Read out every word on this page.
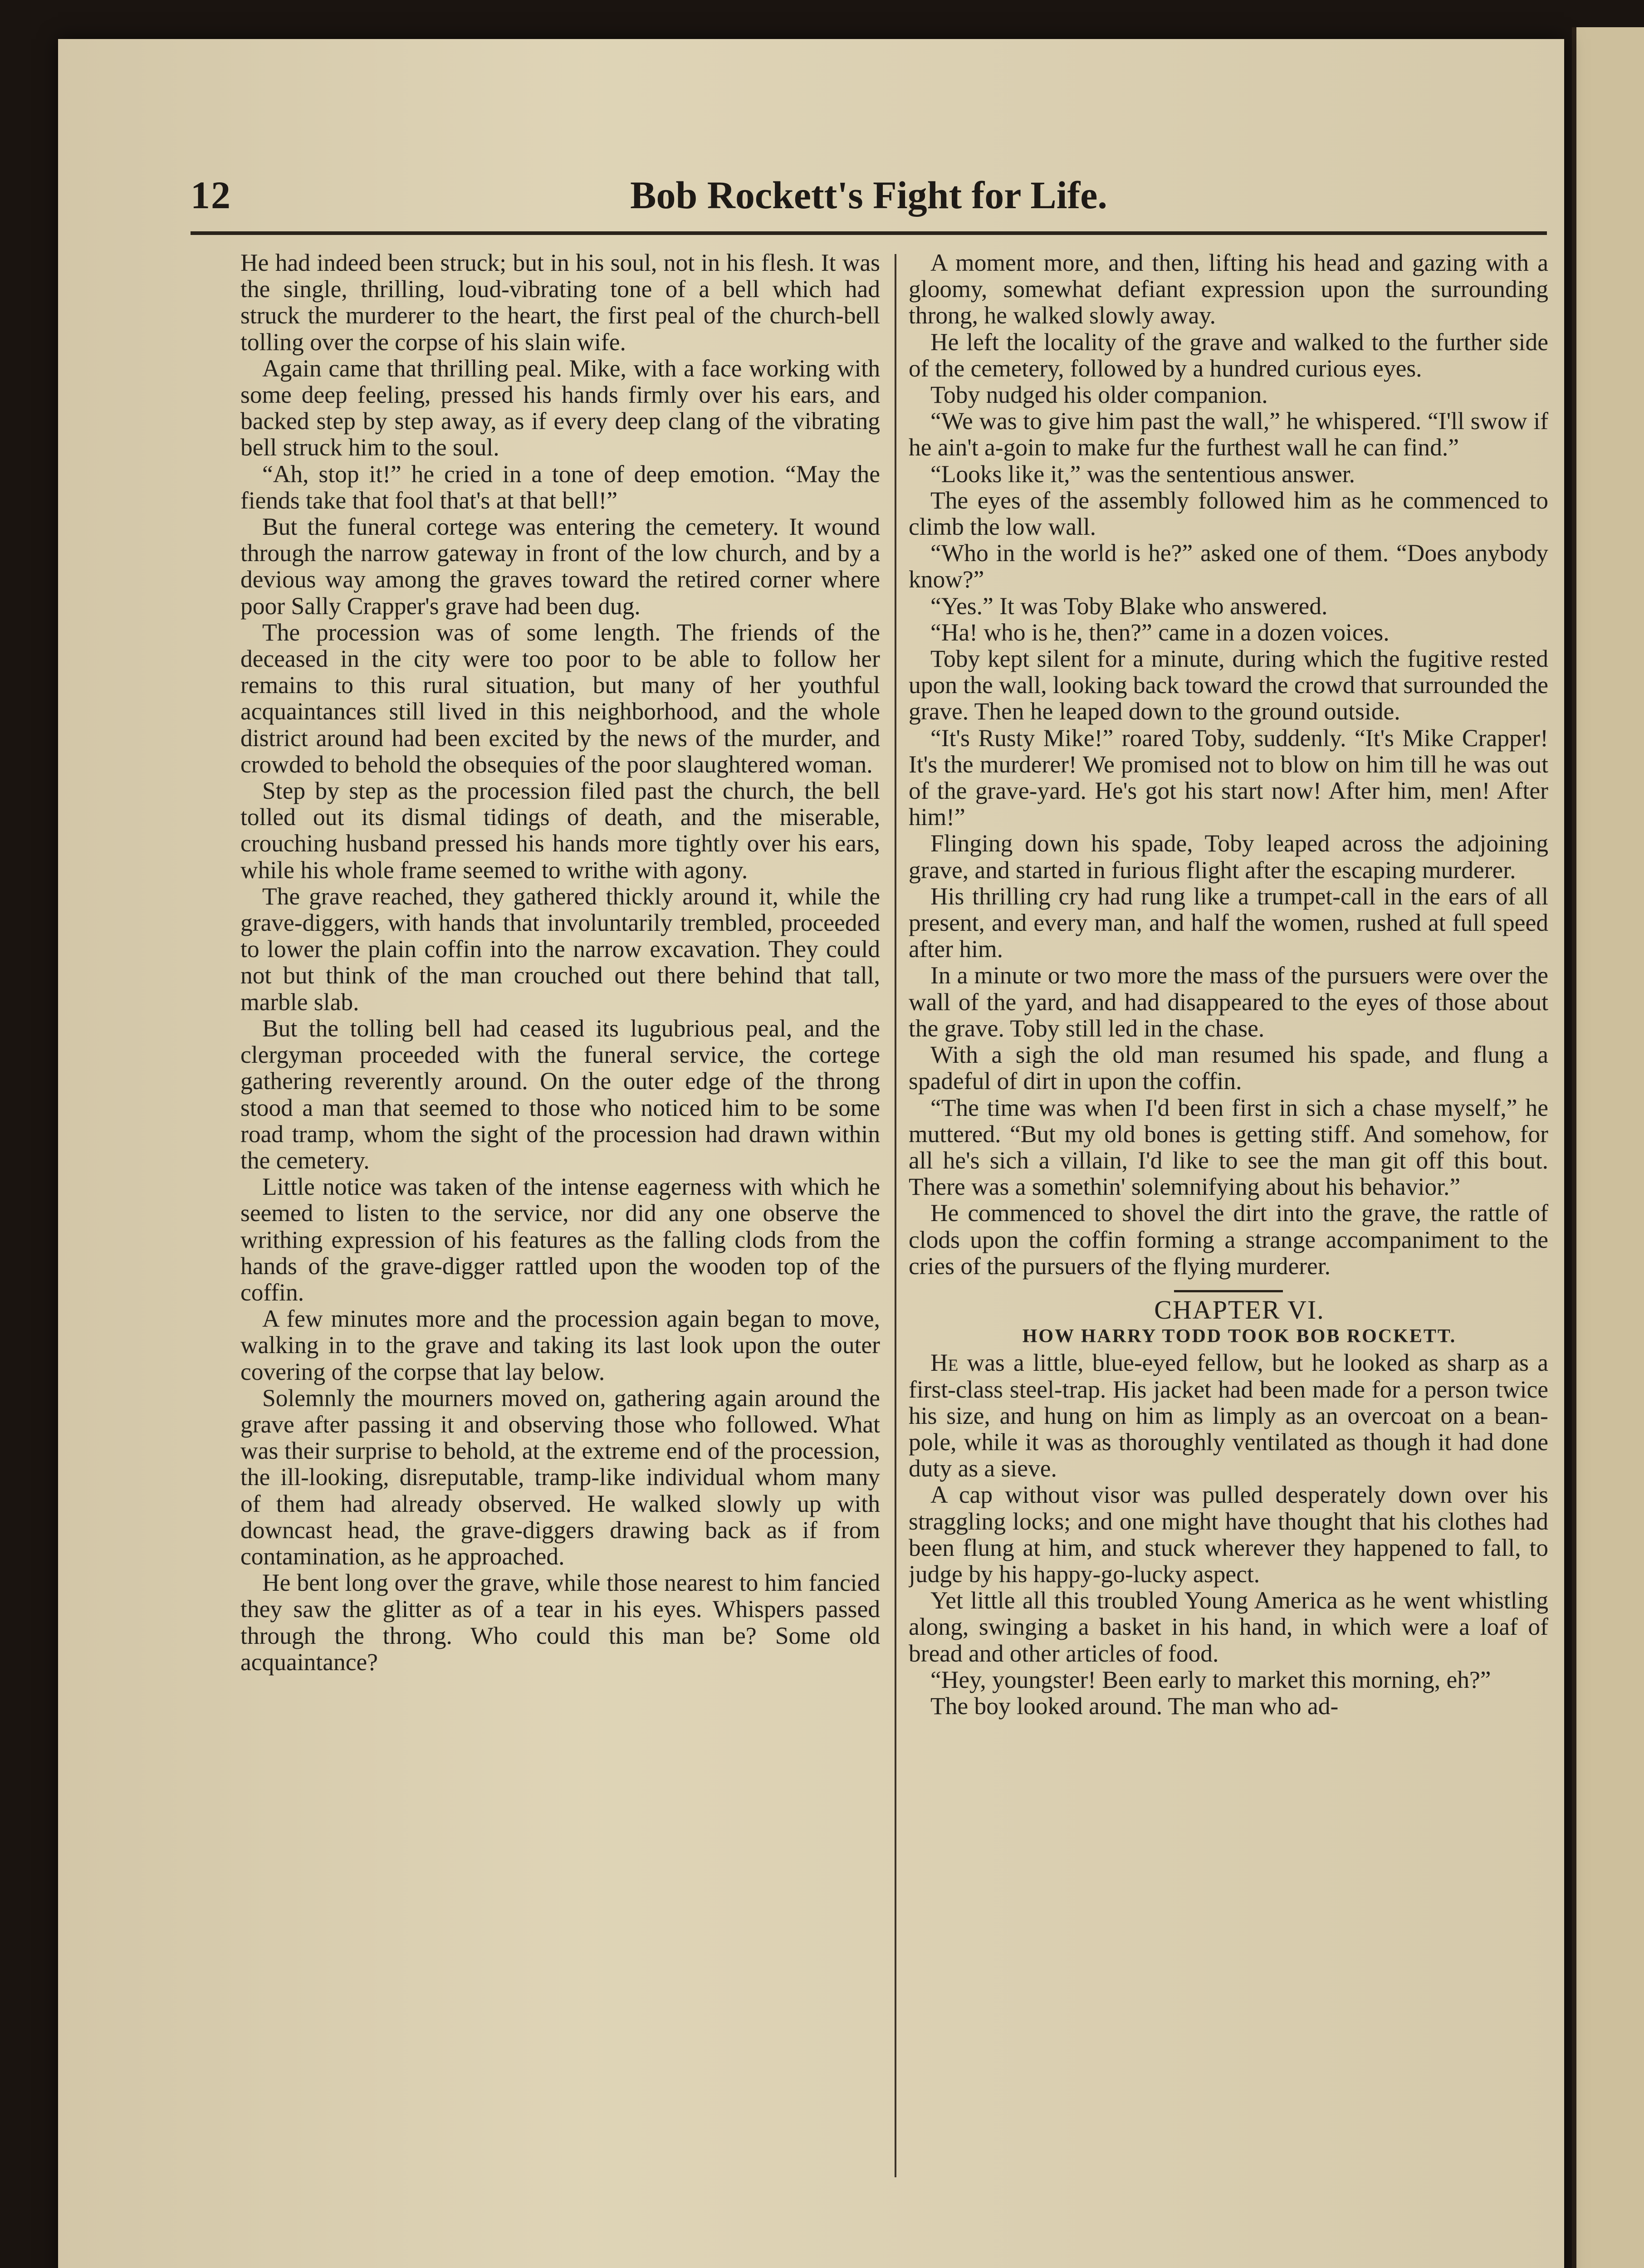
12	Bob Rockett's Fight for Life.

He had indeed been struck; but in his soul, not in his flesh. It was the single, thrilling, loud-vibrating tone of a bell which had struck the murderer to the heart, the first peal of the church-bell tolling over the corpse of his slain wife.

Again came that thrilling peal. Mike, with a face working with some deep feeling, pressed his hands firmly over his ears, and backed step by step away, as if every deep clang of the vibrating bell struck him to the soul.

“Ah, stop it!” he cried in a tone of deep emotion. “May the fiends take that fool that's at that bell!”

But the funeral cortege was entering the cemetery. It wound through the narrow gateway in front of the low church, and by a devious way among the graves toward the retired corner where poor Sally Crapper's grave had been dug.

The procession was of some length. The friends of the deceased in the city were too poor to be able to follow her remains to this rural situation, but many of her youthful acquaintances still lived in this neighborhood, and the whole district around had been excited by the news of the murder, and crowded to behold the obsequies of the poor slaughtered woman.

Step by step as the procession filed past the church, the bell tolled out its dismal tidings of death, and the miserable, crouching husband pressed his hands more tightly over his ears, while his whole frame seemed to writhe with agony.

The grave reached, they gathered thickly around it, while the grave-diggers, with hands that involuntarily trembled, proceeded to lower the plain coffin into the narrow excavation. They could not but think of the man crouched out there behind that tall, marble slab.

But the tolling bell had ceased its lugubrious peal, and the clergyman proceeded with the funeral service, the cortege gathering reverently around. On the outer edge of the throng stood a man that seemed to those who noticed him to be some road tramp, whom the sight of the procession had drawn within the cemetery.

Little notice was taken of the intense eagerness with which he seemed to listen to the service, nor did any one observe the writhing expression of his features as the falling clods from the hands of the grave-digger rattled upon the wooden top of the coffin.

A few minutes more and the procession again began to move, walking in to the grave and taking its last look upon the outer covering of the corpse that lay below.

Solemnly the mourners moved on, gathering again around the grave after passing it and observing those who followed. What was their surprise to behold, at the extreme end of the procession, the ill-looking, disreputable, tramp-like individual whom many of them had already observed. He walked slowly up with downcast head, the grave-diggers drawing back as if from contamination, as he approached.

He bent long over the grave, while those nearest to him fancied they saw the glitter as of a tear in his eyes. Whispers passed through the throng. Who could this man be? Some old acquaintance?

A moment more, and then, lifting his head and gazing with a gloomy, somewhat defiant expression upon the surrounding throng, he walked slowly away.

He left the locality of the grave and walked to the further side of the cemetery, followed by a hundred curious eyes.

Toby nudged his older companion.

“We was to give him past the wall,” he whispered. “I'll swow if he ain't a-goin to make fur the furthest wall he can find.”

“Looks like it,” was the sententious answer.

The eyes of the assembly followed him as he commenced to climb the low wall.

“Who in the world is he?” asked one of them. “Does anybody know?”

“Yes.” It was Toby Blake who answered.

“Ha! who is he, then?” came in a dozen voices.

Toby kept silent for a minute, during which the fugitive rested upon the wall, looking back toward the crowd that surrounded the grave. Then he leaped down to the ground outside.

“It's Rusty Mike!” roared Toby, suddenly. “It's Mike Crapper! It's the murderer! We promised not to blow on him till he was out of the grave-yard. He's got his start now! After him, men! After him!”

Flinging down his spade, Toby leaped across the adjoining grave, and started in furious flight after the escaping murderer.

His thrilling cry had rung like a trumpet-call in the ears of all present, and every man, and half the women, rushed at full speed after him.

In a minute or two more the mass of the pursuers were over the wall of the yard, and had disappeared to the eyes of those about the grave. Toby still led in the chase.

With a sigh the old man resumed his spade, and flung a spadeful of dirt in upon the coffin.

“The time was when I'd been first in sich a chase myself,” he muttered. “But my old bones is getting stiff. And somehow, for all he's sich a villain, I'd like to see the man git off this bout. There was a somethin' solemnifying about his behavior.”

He commenced to shovel the dirt into the grave, the rattle of clods upon the coffin forming a strange accompaniment to the cries of the pursuers of the flying murderer.

CHAPTER VI.

HOW HARRY TODD TOOK BOB ROCKETT.

He was a little, blue-eyed fellow, but he looked as sharp as a first-class steel-trap. His jacket had been made for a person twice his size, and hung on him as limply as an overcoat on a bean-pole, while it was as thoroughly ventilated as though it had done duty as a sieve.

A cap without visor was pulled desperately down over his straggling locks; and one might have thought that his clothes had been flung at him, and stuck wherever they happened to fall, to judge by his happy-go-lucky aspect.

Yet little all this troubled Young America as he went whistling along, swinging a basket in his hand, in which were a loaf of bread and other articles of food.

“Hey, youngster! Been early to market this morning, eh?”

The boy looked around. The man who ad-
